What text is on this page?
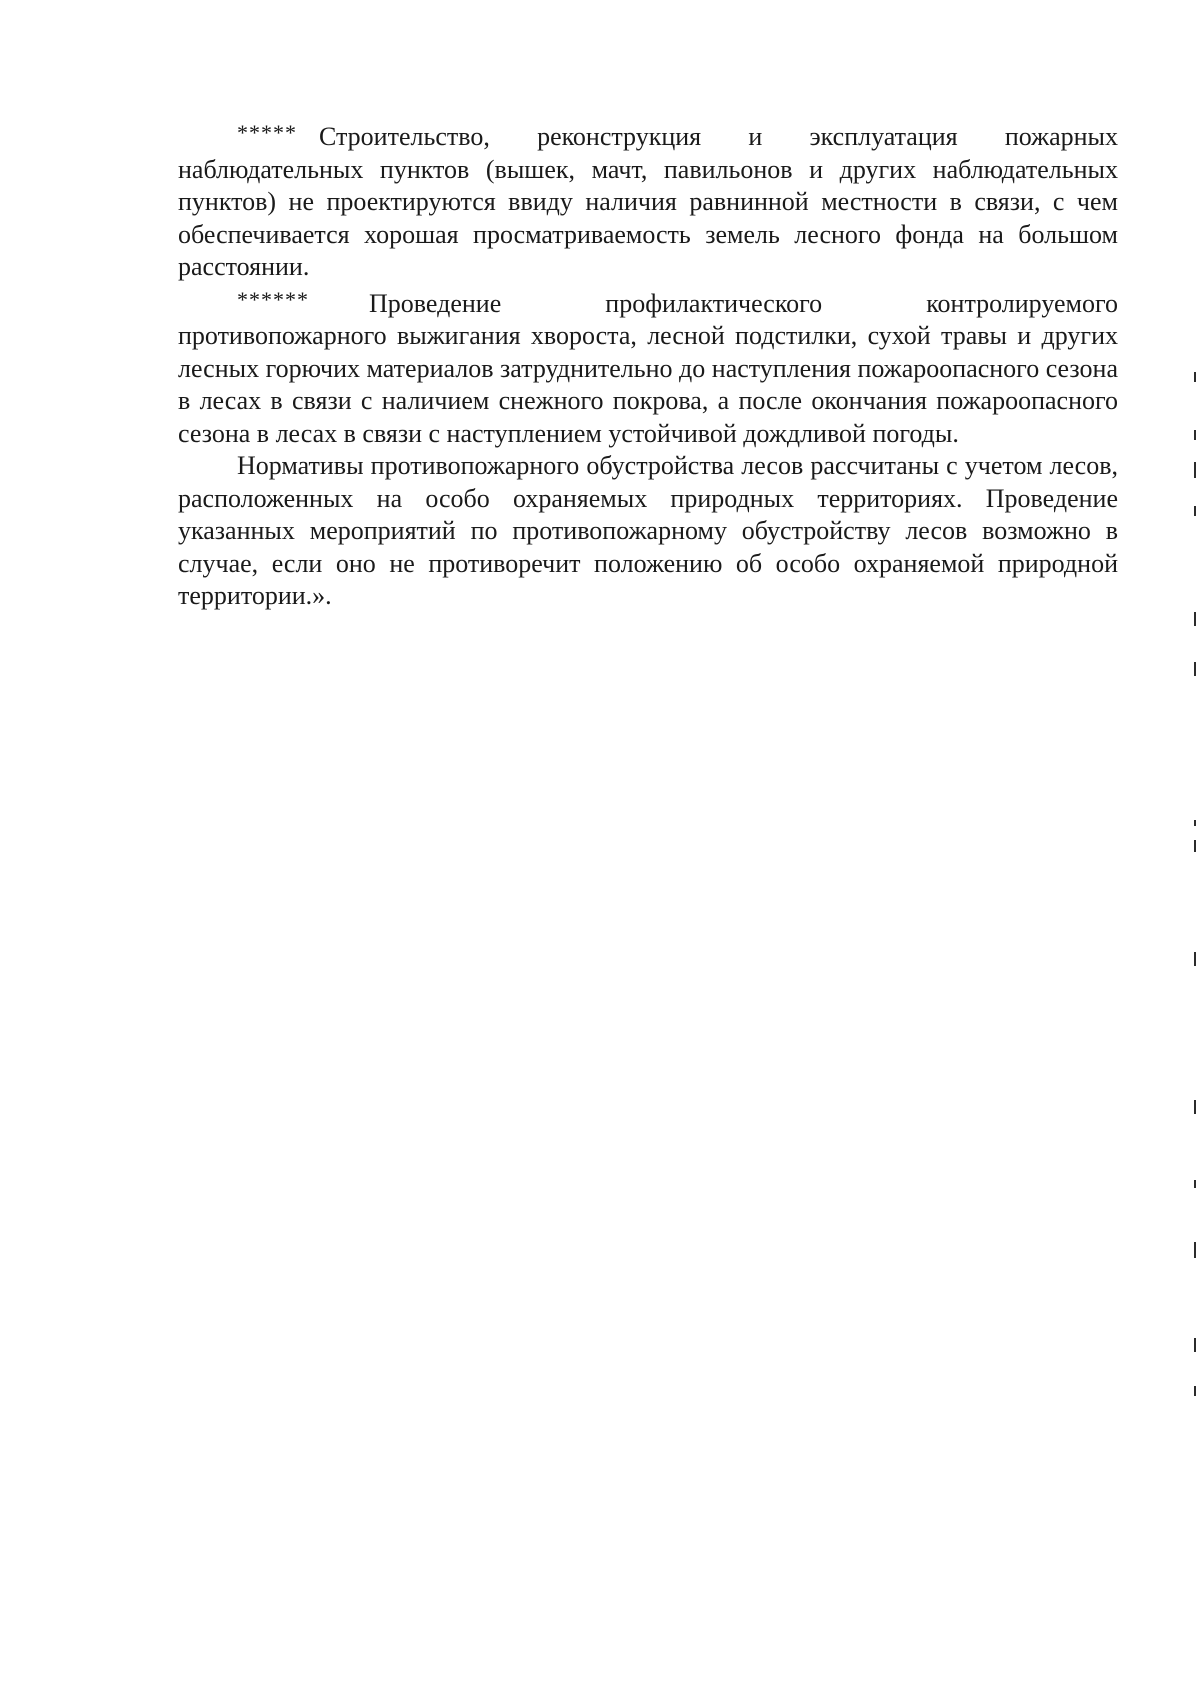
***** Строительство, реконструкция и эксплуатация пожарных наблюдательных пунктов (вышек, мачт, павильонов и других наблюдательных пунктов) не проектируются ввиду наличия равнинной местности в связи, с чем обеспечивается хорошая просматриваемость земель лесного фонда на большом расстоянии.

****** Проведение профилактического контролируемого противопожарного выжигания хвороста, лесной подстилки, сухой травы и других лесных горючих материалов затруднительно до наступления пожароопасного сезона в лесах в связи с наличием снежного покрова, а после окончания пожароопасного сезона в лесах в связи с наступлением устойчивой дождливой погоды.

Нормативы противопожарного обустройства лесов рассчитаны с учетом лесов, расположенных на особо охраняемых природных территориях. Проведение указанных мероприятий по противопожарному обустройству лесов возможно в случае, если оно не противоречит положению об особо охраняемой природной территории.».
